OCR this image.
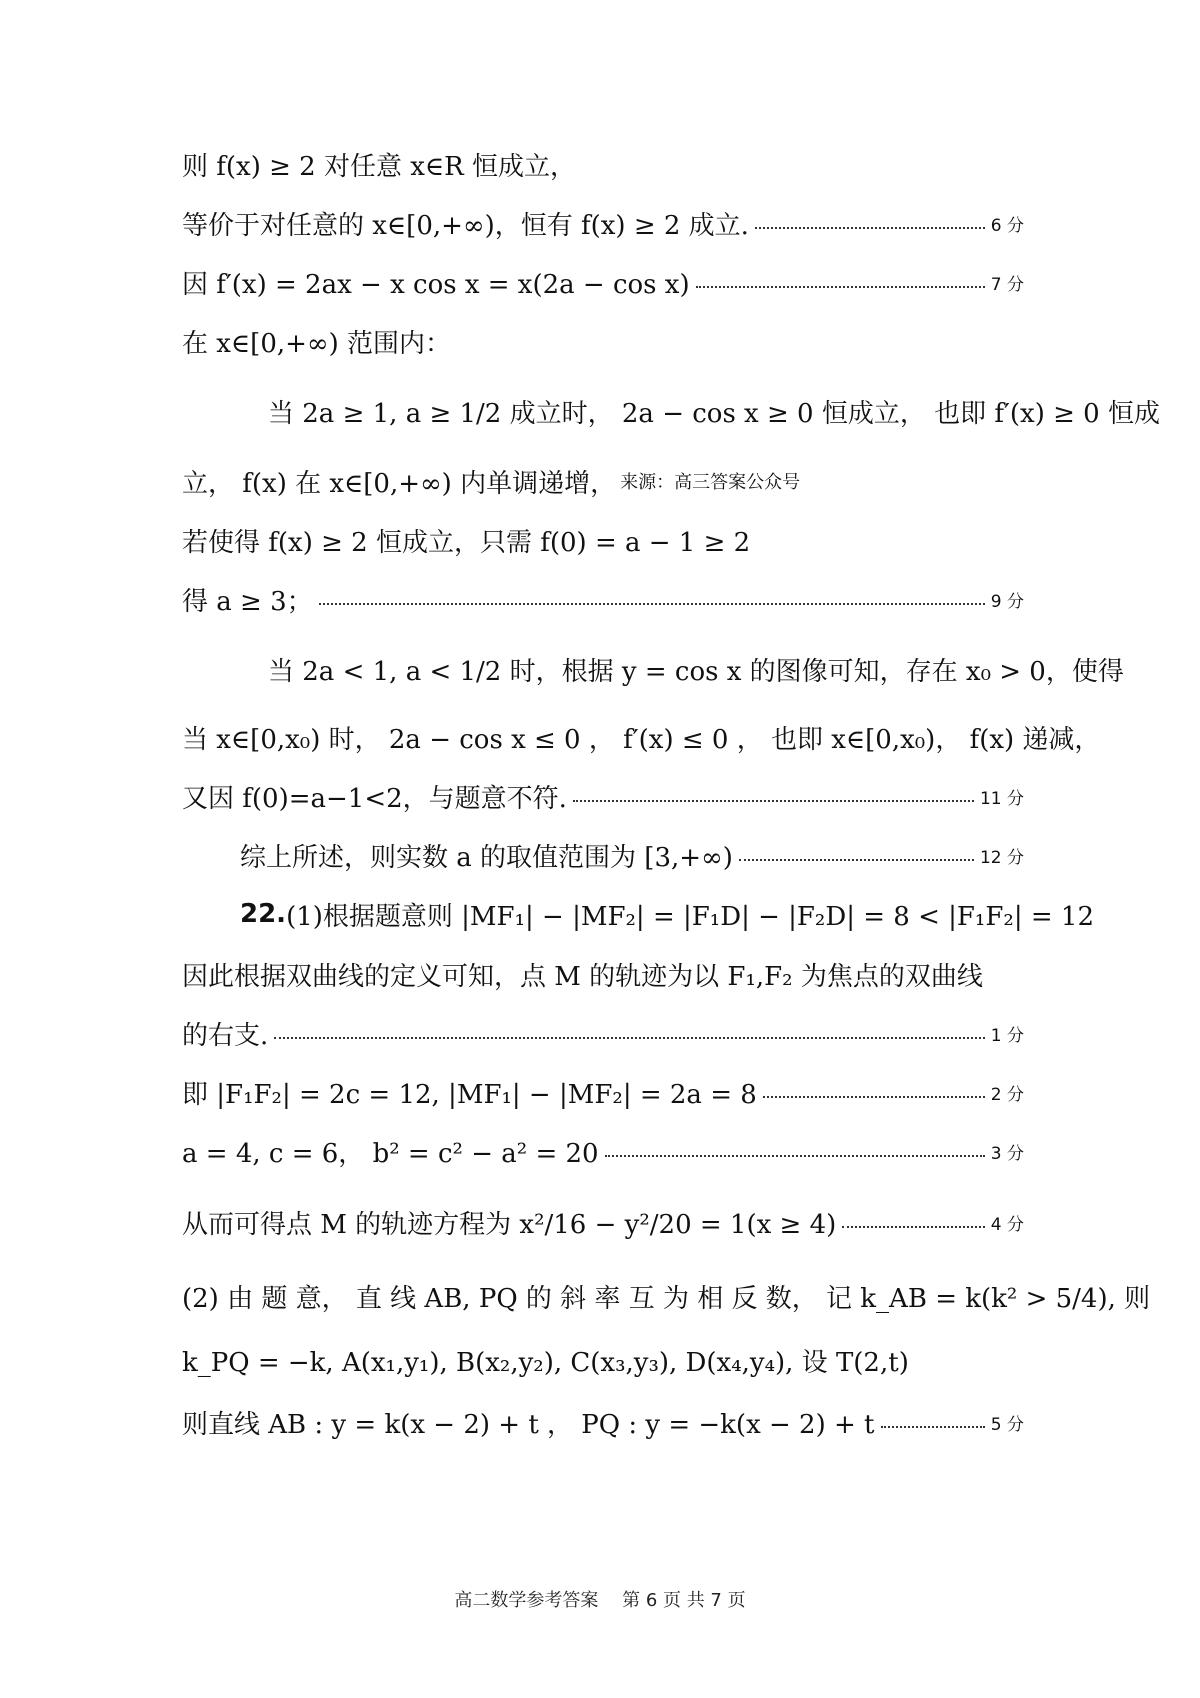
则 f(x) ≥ 2 对任意 x∈R 恒成立，
等价于对任意的 x∈[0,+∞)，恒有 f(x) ≥ 2 成立.	6 分
因 f′(x) = 2ax − x cos x = x(2a − cos x)	7 分
在 x∈[0,+∞) 范围内：
当 2a ≥ 1, a ≥ 1/2 成立时， 2a − cos x ≥ 0 恒成立， 也即 f′(x) ≥ 0 恒成
立， f(x) 在 x∈[0,+∞) 内单调递增， 来源：高三答案公众号
若使得 f(x) ≥ 2 恒成立，只需 f(0) = a − 1 ≥ 2
得 a ≥ 3；	9 分
当 2a < 1, a < 1/2 时，根据 y = cos x 的图像可知，存在 x₀ > 0，使得
当 x∈[0,x₀) 时， 2a − cos x ≤ 0 ， f′(x) ≤ 0 ， 也即 x∈[0,x₀)， f(x) 递减，
又因 f(0)=a−1<2，与题意不符.	11 分
综上所述，则实数 a 的取值范围为 [3,+∞)	12 分
22. (1)根据题意则 |MF₁| − |MF₂| = |F₁D| − |F₂D| = 8 < |F₁F₂| = 12
因此根据双曲线的定义可知，点 M 的轨迹为以 F₁,F₂ 为焦点的双曲线
的右支.	1 分
即 |F₁F₂| = 2c = 12, |MF₁| − |MF₂| = 2a = 8	2 分
a = 4, c = 6， b² = c² − a² = 20	3 分
从而可得点 M 的轨迹方程为 x²/16 − y²/20 = 1(x ≥ 4)	4 分
(2) 由 题 意， 直 线 AB, PQ 的 斜 率 互 为 相 反 数， 记 k_AB = k(k² > 5/4), 则
k_PQ = −k, A(x₁,y₁), B(x₂,y₂), C(x₃,y₃), D(x₄,y₄), 设 T(2,t)
则直线 AB : y = k(x − 2) + t ， PQ : y = −k(x − 2) + t	5 分
高二数学参考答案　 第 6 页 共 7 页
